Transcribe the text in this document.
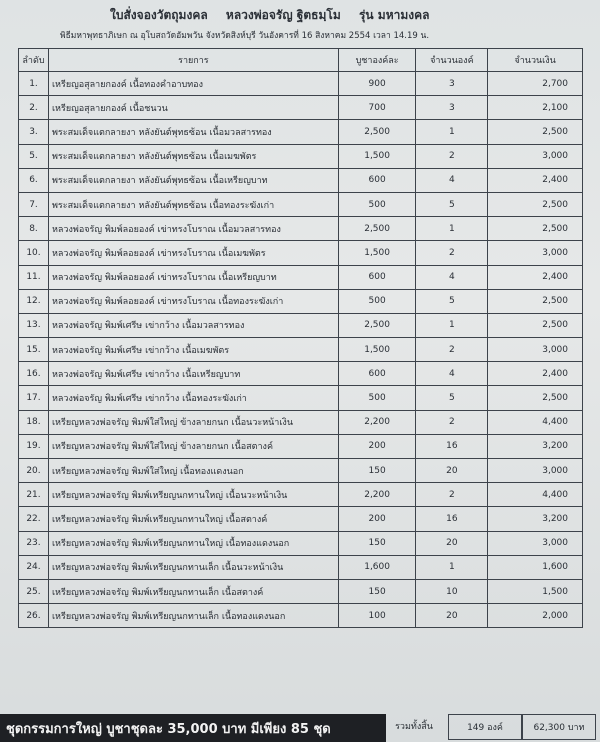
ใบสั่งจองวัตถุมงคล หลวงพ่อจรัญ ฐิตธมฺโม รุ่น มหามงคล
พิธีมหาพุทธาภิเษก ณ อุโบสถวัดอัมพวัน จังหวัดสิงห์บุรี วันอังคารที่ 16 สิงหาคม 2554 เวลา 14.19 น.
ลำดับ	รายการ	บูชาองค์ละ	จำนวนองค์	จำนวนเงิน
1.	เหรียญอสุลายกองค์ เนื้อทองคำอาบทอง	900	3	2,700
2.	เหรียญอสุลายกองค์ เนื้อชนวน	700	3	2,100
3.	พระสมเด็จแตกลายงา หลังยันต์พุทธซ้อน เนื้อมวลสารทอง	2,500	1	2,500
5.	พระสมเด็จแตกลายงา หลังยันต์พุทธซ้อน เนื้อเมฆพัตร	1,500	2	3,000
6.	พระสมเด็จแตกลายงา หลังยันต์พุทธซ้อน เนื้อเหรียญบาท	600	4	2,400
7.	พระสมเด็จแตกลายงา หลังยันต์พุทธซ้อน เนื้อทองระฆังเก่า	500	5	2,500
8.	หลวงพ่อจรัญ พิมพ์ลอยองค์ เข่าทรงโบราณ เนื้อมวลสารทอง	2,500	1	2,500
10.	หลวงพ่อจรัญ พิมพ์ลอยองค์ เข่าทรงโบราณ เนื้อเมฆพัตร	1,500	2	3,000
11.	หลวงพ่อจรัญ พิมพ์ลอยองค์ เข่าทรงโบราณ เนื้อเหรียญบาท	600	4	2,400
12.	หลวงพ่อจรัญ พิมพ์ลอยองค์ เข่าทรงโบราณ เนื้อทองระฆังเก่า	500	5	2,500
13.	หลวงพ่อจรัญ พิมพ์เศรีษ เข่ากว้าง เนื้อมวลสารทอง	2,500	1	2,500
15.	หลวงพ่อจรัญ พิมพ์เศรีษ เข่ากว้าง เนื้อเมฆพัตร	1,500	2	3,000
16.	หลวงพ่อจรัญ พิมพ์เศรีษ เข่ากว้าง เนื้อเหรียญบาท	600	4	2,400
17.	หลวงพ่อจรัญ พิมพ์เศรีษ เข่ากว้าง เนื้อทองระฆังเก่า	500	5	2,500
18.	เหรียญหลวงพ่อจรัญ พิมพ์ใส่ใหญ่ ข้างลายกนก เนื้อนวะหน้าเงิน	2,200	2	4,400
19.	เหรียญหลวงพ่อจรัญ พิมพ์ใส่ใหญ่ ข้างลายกนก เนื้อสตางค์	200	16	3,200
20.	เหรียญหลวงพ่อจรัญ พิมพ์ใส่ใหญ่ เนื้อทองแดงนอก	150	20	3,000
21.	เหรียญหลวงพ่อจรัญ พิมพ์เหรียญนกทานใหญ่ เนื้อนวะหน้าเงิน	2,200	2	4,400
22.	เหรียญหลวงพ่อจรัญ พิมพ์เหรียญนกทานใหญ่ เนื้อสตางค์	200	16	3,200
23.	เหรียญหลวงพ่อจรัญ พิมพ์เหรียญนกทานใหญ่ เนื้อทองแดงนอก	150	20	3,000
24.	เหรียญหลวงพ่อจรัญ พิมพ์เหรียญนกทานเล็ก เนื้อนวะหน้าเงิน	1,600	1	1,600
25.	เหรียญหลวงพ่อจรัญ พิมพ์เหรียญนกทานเล็ก เนื้อสตางค์	150	10	1,500
26.	เหรียญหลวงพ่อจรัญ พิมพ์เหรียญนกทานเล็ก เนื้อทองแดงนอก	100	20	2,000
ชุดกรรมการใหญ่ บูชาชุดละ 35,000 บาท มีเพียง 85 ชุด	รวมทั้งสิ้น	149 องค์	62,300 บาท
